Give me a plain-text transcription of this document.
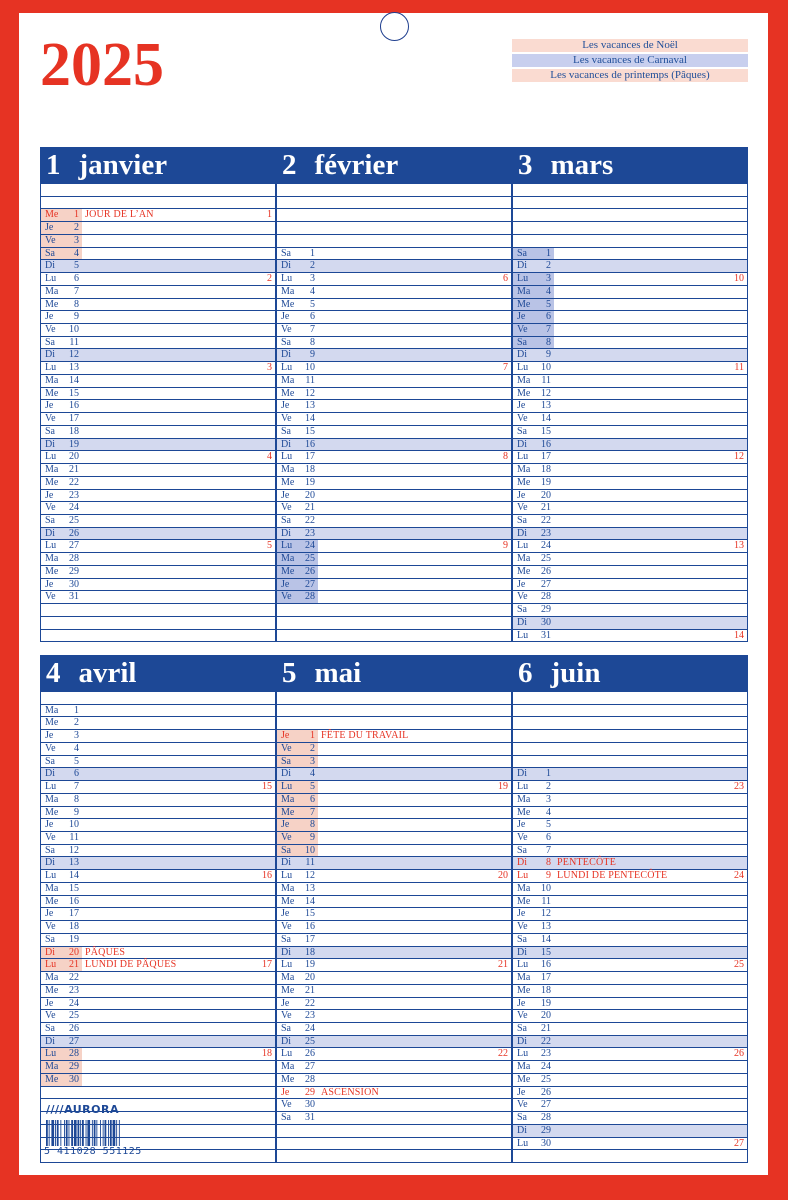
2025	Les vacances de Noël
Les vacances de Carnaval
Les vacances de printemps (Pâques)
1 janvier
Me	1 JOUR DE L’AN	1
Je	2
Ve	3
Sa	4
Di	5
Lu	6	2
Ma	7
Me	8
Je	9
Ve	10
Sa	11
Di	12
Lu	13	3
Ma	14
Me	15
Je	16
Ve	17
Sa	18
Di	19
Lu	20	4
Ma	21
Me	22
Je	23
Ve	24
Sa	25
Di	26
Lu	27	5
Ma	28
Me	29
Je	30
Ve	31
2 février
Sa	1
Di	2
Lu	3	6
Ma	4
Me	5
Je	6
Ve	7
Sa	8
Di	9
Lu	10	7
Ma	11
Me	12
Je	13
Ve	14
Sa	15
Di	16
Lu	17	8
Ma	18
Me	19
Je	20
Ve	21
Sa	22
Di	23
Lu	24	9
Ma	25
Me	26
Je	27
Ve	28
3 mars
Sa	1
Di	2
Lu	3	10
Ma	4
Me	5
Je	6
Ve	7
Sa	8
Di	9
Lu	10	11
Ma	11
Me	12
Je	13
Ve	14
Sa	15
Di	16
Lu	17	12
Ma	18
Me	19
Je	20
Ve	21
Sa	22
Di	23
Lu	24	13
Ma	25
Me	26
Je	27
Ve	28
Sa	29
Di	30
Lu	31	14
4 avril
Ma	1
Me	2
Je	3
Ve	4
Sa	5
Di	6
Lu	7	15
Ma	8
Me	9
Je	10
Ve	11
Sa	12
Di	13
Lu	14	16
Ma	15
Me	16
Je	17
Ve	18
Sa	19
Di	20 PÂQUES
Lu	21 LUNDI DE PÂQUES	17
Ma	22
Me	23
Je	24
Ve	25
Sa	26
Di	27
Lu	28	18
Ma	29
Me	30
5 mai
Je	1 FÊTE DU TRAVAIL
Ve	2
Sa	3
Di	4
Lu	5	19
Ma	6
Me	7
Je	8
Ve	9
Sa	10
Di	11
Lu	12	20
Ma	13
Me	14
Je	15
Ve	16
Sa	17
Di	18
Lu	19	21
Ma	20
Me	21
Je	22
Ve	23
Sa	24
Di	25
Lu	26	22
Ma	27
Me	28
Je	29 ASCENSION
Ve	30
Sa	31
6 juin
Di	1
Lu	2	23
Ma	3
Me	4
Je	5
Ve	6
Sa	7
Di	8 PENTECÔTE
Lu	9 LUNDI DE PENTECÔTE	24
Ma	10
Me	11
Je	12
Ve	13
Sa	14
Di	15
Lu	16	25
Ma	17
Me	18
Je	19
Ve	20
Sa	21
Di	22
Lu	23	26
Ma	24
Me	25
Je	26
Ve	27
Sa	28
Di	29
Lu	30	27
////AURORA
5 411028 551125
